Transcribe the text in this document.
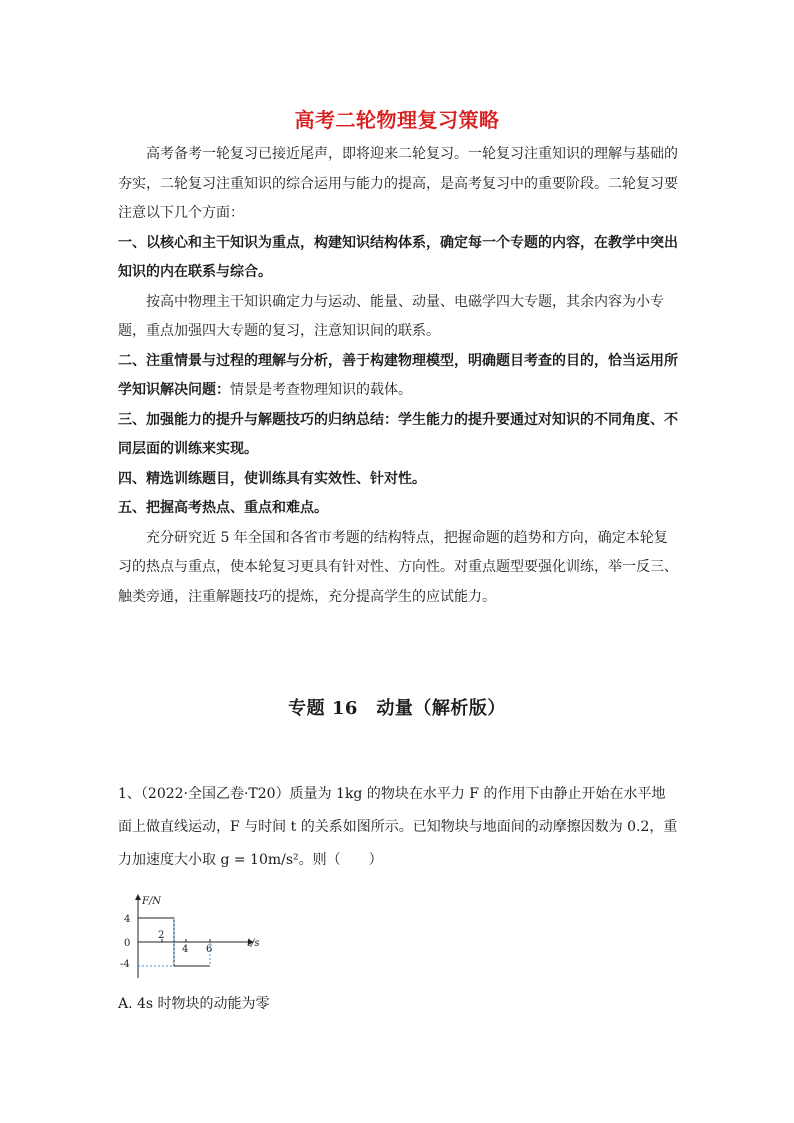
高考二轮物理复习策略

高考备考一轮复习已接近尾声，即将迎来二轮复习。一轮复习注重知识的理解与基础的夯实，二轮复习注重知识的综合运用与能力的提高，是高考复习中的重要阶段。二轮复习要注意以下几个方面：

一、以核心和主干知识为重点，构建知识结构体系，确定每一个专题的内容，在教学中突出知识的内在联系与综合。

按高中物理主干知识确定力与运动、能量、动量、电磁学四大专题，其余内容为小专题，重点加强四大专题的复习，注意知识间的联系。

二、注重情景与过程的理解与分析，善于构建物理模型，明确题目考查的目的，恰当运用所学知识解决问题：情景是考查物理知识的载体。

三、加强能力的提升与解题技巧的归纳总结：学生能力的提升要通过对知识的不同角度、不同层面的训练来实现。

四、精选训练题目，使训练具有实效性、针对性。

五、把握高考热点、重点和难点。

充分研究近 5 年全国和各省市考题的结构特点，把握命题的趋势和方向，确定本轮复习的热点与重点，使本轮复习更具有针对性、方向性。对重点题型要强化训练，举一反三、触类旁通，注重解题技巧的提炼，充分提高学生的应试能力。

专题 16　动量（解析版）

1、（2022·全国乙卷·T20）质量为 1kg 的物块在水平力 F 的作用下由静止开始在水平地面上做直线运动，F 与时间 t 的关系如图所示。已知物块与地面间的动摩擦因数为 0.2，重力加速度大小取 g = 10m/s²。则（　　）

F/N
t/s
4
0
-4
2
4 6
A. 4s 时物块的动能为零
